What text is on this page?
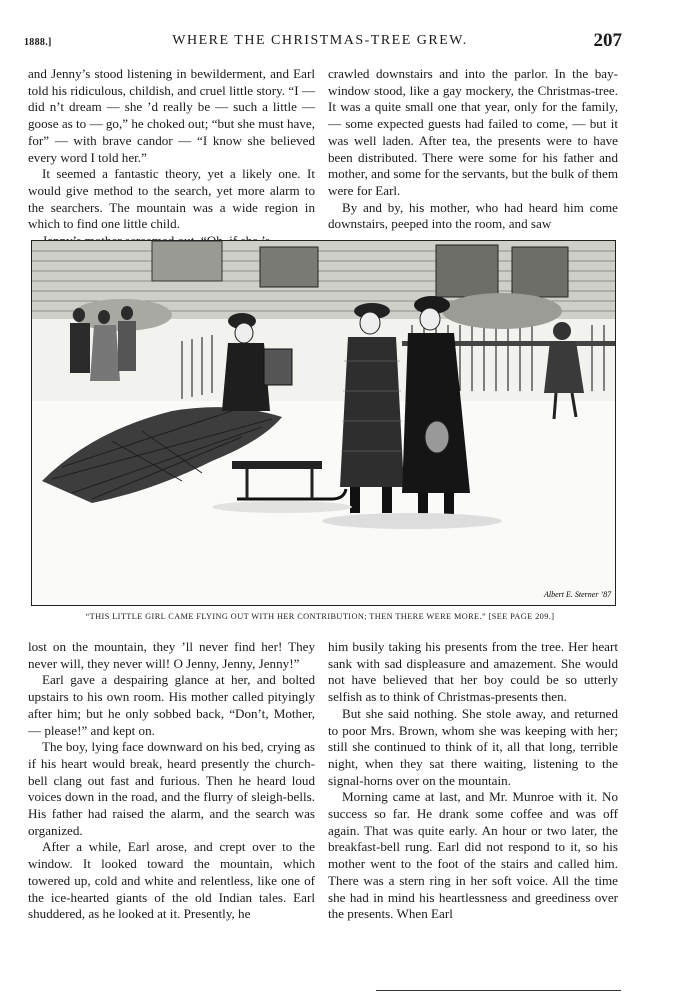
1888.]	WHERE THE CHRISTMAS-TREE GREW.	207

and Jenny’s stood listening in bewilderment, and Earl told his ridiculous, childish, and cruel little story. “I — did n’t dream — she ’d really be — such a little — goose as to — go,” he choked out; “but she must have, for” — with brave candor — “I know she believed every word I told her.”

It seemed a fantastic theory, yet a likely one. It would give method to the search, yet more alarm to the searchers. The mountain was a wide region in which to find one little child.

crawled downstairs and into the parlor. In the bay-window stood, like a gay mockery, the Christmas-tree. It was a quite small one that year, only for the family, — some expected guests had failed to come, — but it was well laden. After tea, the presents were to have been distributed. There were some for his father and mother, and some for the servants, but the bulk of them were for Earl.

By and by, his mother, who had heard him come downstairs, peeped into the room, and saw

Albert E. Sterner ’87
“THIS LITTLE GIRL CAME FLYING OUT WITH HER CONTRIBUTION; THEN THERE WERE MORE.” [SEE PAGE 209.]

lost on the mountain, they ’ll never find her! They never will, they never will! O Jenny, Jenny, Jenny!”

Earl gave a despairing glance at her, and bolted upstairs to his own room. His mother called pityingly after him; but he only sobbed back, “Don’t, Mother, — please!” and kept on.

The boy, lying face downward on his bed, crying as if his heart would break, heard presently the church-bell clang out fast and furious. Then he heard loud voices down in the road, and the flurry of sleigh-bells. His father had raised the alarm, and the search was organized.

After a while, Earl arose, and crept over to the window. It looked toward the mountain, which towered up, cold and white and relentless, like one of the ice-hearted giants of the old Indian tales. Earl shuddered, as he looked at it. Presently, he

him busily taking his presents from the tree. Her heart sank with sad displeasure and amazement. She would not have believed that her boy could be so utterly selfish as to think of Christmas-presents then.

But she said nothing. She stole away, and returned to poor Mrs. Brown, whom she was keeping with her; still she continued to think of it, all that long, terrible night, when they sat there waiting, listening to the signal-horns over on the mountain.

Morning came at last, and Mr. Munroe with it. No success so far. He drank some coffee and was off again. That was quite early. An hour or two later, the breakfast-bell rung. Earl did not respond to it, so his mother went to the foot of the stairs and called him. There was a stern ring in her soft voice. All the time she had in mind his heartlessness and greediness over the presents. When Earl
